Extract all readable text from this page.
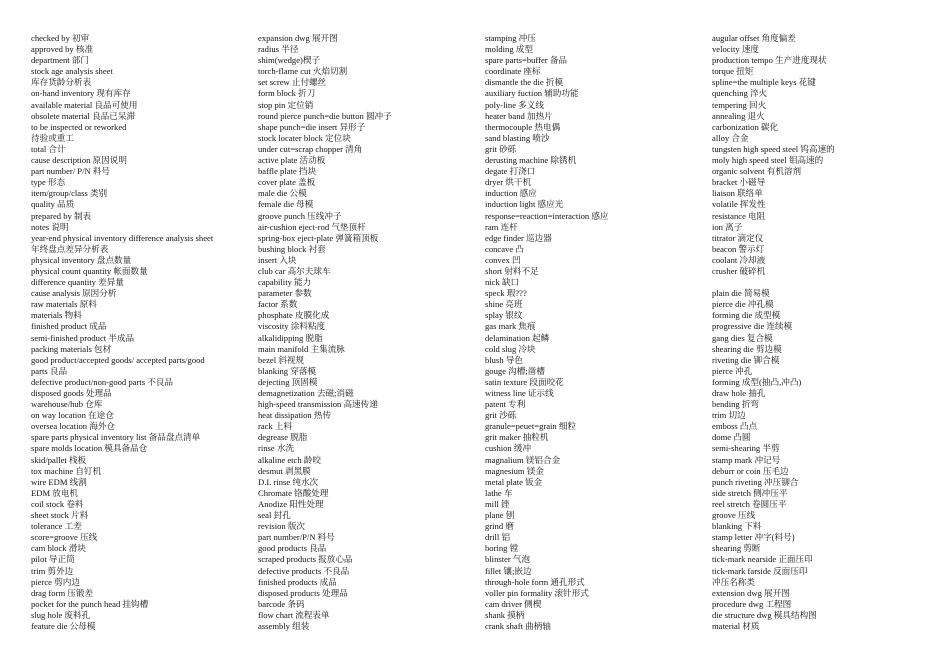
checked by 初审
approved by 核准
department 部门
stock age analysis sheet
库存货龄分析表
on-hand inventory 现有库存
available material 良品可使用
obsolete material 良品已呆滞
to be inspected or reworked
待验或重工
total 合计
cause description 原因说明
part number/ P/N 料号
type 形态
item/group/class 类别
quality 品质
prepared by 制表
notes 说明
year-end physical inventory difference analysis sheet
年终盘点差异分析表
physical inventory 盘点数量
physical count quantity 帐面数量
difference quantity 差异量
cause analysis 原因分析
raw materials 原料
materials 物料
finished product 成品
semi-finished product 半成品
packing materials 包材
good product/accepted goods/ accepted parts/good
parts 良品
defective product/non-good parts 不良品
disposed goods 处理品
warehouse/hub 仓库
on way location 在途仓
oversea location 海外仓
spare parts physical inventory list 备品盘点清单
spare molds location 模具备品仓
skid/pallet 栈板
tox machine 自钉机
wire EDM 线割
EDM 放电机
coil stock 卷料
sheet stock 片料
tolerance 工差
score=groove 压线
cam block 滑块
pilot 导正筒
trim 剪外边
pierce 剪内边
drag form 压锻差
pocket for the punch head 挂钩槽
slug hole 废料孔
feature die 公母模
expansion dwg 展开图
radius 半径
shim(wedge)楔子
torch-flame cut 火焰切割
set screw 止付螺丝
form block 折刀
stop pin 定位销
round pierce punch=die button 圆冲子
shape punch=die insert 异形子
stock locater block 定位块
under cut=scrap chopper 清角
active plate 活动板
baffle plate 挡块
cover plate 盖板
male die 公模
female die 母模
groove punch 压线冲子
air-cushion eject-rod 气垫顶杆
spring-box eject-plate 弹簧箱顶板
bushing block 衬套
insert 入块
club car 高尔夫球车
capability 能力
parameter 参数
factor 系数
phosphate 皮膜化成
viscosity 涂料粘度
alkalidipping 脱脂
main manifold 主集流脉
bezel 斜视规
blanking 穿落模
dejecting 顶固模
demagnetization 去磁;消磁
high-speed transmission 高速传递
heat dissipation 热传
rack 上料
degrease 脱脂
rinse 水洗
alkaline etch 龄咬
desmut 剥黑膜
D.I. rinse 纯水次
Chromate 铬酸处理
Anodize 阳性处理
seal 封孔
revision 版次
part number/P/N 料号
good products 良品
scraped products 报放心品
defective products 不良品
finished products 成品
disposed products 处理品
barcode 条码
flow chart 流程表单
assembly 组装
stamping 冲压
molding 成型
spare parts=buffer 备品
coordinate 座标
dismantle the die 折模
auxiliary fuction 辅助功能
poly-line 多义线
heater band 加热片
thermocouple 热电偶
sand blasting 喷沙
grit 砂砾
derusting machine 除锈机
degate 打浇口
dryer 烘干机
induction 感应
induction light 感应光
response=reaction=interaction 感应
ram 连杆
edge finder 巡边器
concave 凸
convex 凹
short 射料不足
nick 缺口
speck 瑕???
shine 亮班
splay 银纹
gas mark 焦痕
delamination 起鳞
cold slug 冷块
blush 导色
gouge 沟槽;凿槽
satin texture 段面咬花
witness line 证示线
patent 专利
grit 沙砾
granule=peuet=grain 细粒
grit maker 抽粒机
cushion 缓冲
magnalium 镁铝合金
magnesium 镁金
metal plate 钣金
lathe 车
mill 锉
plane 刨
grind 磨
drill 铝
boring 镗
blinster 气泡
fillet 镶;嵌边
through-hole form 通孔形式
voller pin formality 滚针形式
cam driver 侧楔
shank 摸柄
crank shaft 曲柄轴
augular offset 角度偏差
velocity 速度
production tempo 生产进度现状
torque 扭矩
spline=the multiple keys 花键
quenching 淬火
tempering 回火
annealing 退火
carbonization 碳化
alloy 合金
tungsten high speed steel 钨高速的
moly high speed steel 钼高速的
organic solvent 有机溶剂
bracket 小磁导
liaison 联络单
volatile 挥发性
resistance 电阻
ion 离子
titrator 滴定仪
beacon 警示灯
coolant 冷却液
crusher 破碎机
plain die 简易模
pierce die 冲孔模
forming die 成型模
progressive die 连续模
gang dies 复合模
shearing die 剪边模
riveting die 铆合模
pierce 冲孔
forming 成型(抽凸,冲凸)
draw hole 抽孔
bending 折弯
trim 切边
emboss 凸点
dome 凸圆
semi-shearing 半剪
stamp mark 冲记号
deburr or coin 压毛边
punch riveting 冲压铆合
side stretch 侧冲压平
reel stretch 卷圆压平
groove 压线
blanking 下料
stamp letter 冲字(料号)
shearing 剪断
tick-mark nearside 正面压印
tick-mark farside 反面压印
冲压名称类
extension dwg 展开图
procedure dwg 工程图
die structure dwg 模具结构图
material 材质
